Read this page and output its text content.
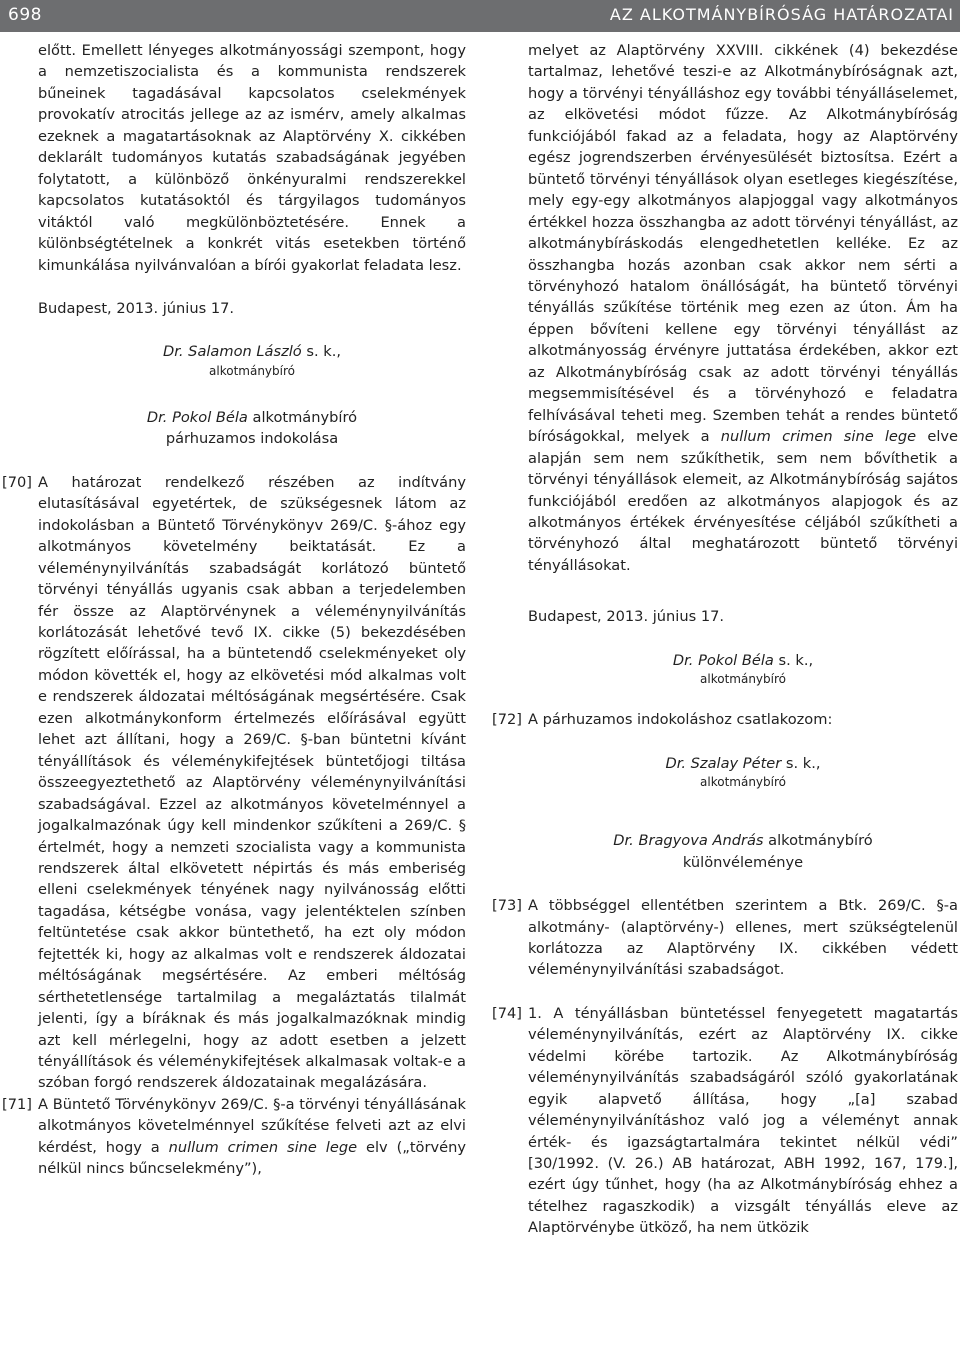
698	AZ ALKOTMÁNYBÍRÓSÁG HATÁROZATAI

előtt. Emellett lényeges alkotmányossági szempont, hogy a nemzetiszocialista és a kommunista rendszerek bűneinek tagadásával kapcsolatos cselekmények provokatív atrocitás jellege az az ismérv, amely alkalmas ezeknek a magatartásoknak az Alaptörvény X. cikkében deklarált tudományos kutatás szabadságának jegyében folytatott, a különböző önkényuralmi rendszerekkel kapcsolatos kutatásoktól és tárgyilagos tudományos vitáktól való megkülönböztetésére. Ennek a különbségtételnek a konkrét vitás esetekben történő kimunkálása nyilvánvalóan a bírói gyakorlat feladata lesz.

Budapest, 2013. június 17.

Dr. Salamon László s. k.,

alkotmánybíró

Dr. Pokol Béla alkotmánybíró

párhuzamos indokolása

[70] A határozat rendelkező részében az indítvány elutasításával egyetértek, de szükségesnek látom az indokolásban a Büntető Törvénykönyv 269/C. §-ához egy alkotmányos követelmény beiktatását. Ez a véleménynyilvánítás szabadságát korlátozó büntető törvényi tényállás ugyanis csak abban a terjedelemben fér össze az Alaptörvénynek a véleménynyilvánítás korlátozását lehetővé tevő IX. cikke (5) bekezdésében rögzített előírással, ha a büntetendő cselekményeket oly módon követték el, hogy az elkövetési mód alkalmas volt e rendszerek áldozatai méltóságának megsértésére. Csak ezen alkotmánykonform értelmezés előírásával együtt lehet azt állítani, hogy a 269/C. §-ban büntetni kívánt tényállítások és véleménykifejtések büntetőjogi tiltása összeegyeztethető az Alaptörvény véleménynyilvánítási szabadságával. Ezzel az alkotmányos követelménnyel a jogalkalmazónak úgy kell mindenkor szűkíteni a 269/C. § értelmét, hogy a nemzeti szocialista vagy a kommunista rendszerek által elkövetett népirtás és más emberiség elleni cselekmények tényének nagy nyilvánosság előtti tagadása, kétségbe vonása, vagy jelentéktelen színben feltüntetése csak akkor büntethető, ha ezt oly módon fejtették ki, hogy az alkalmas volt e rendszerek áldozatai méltóságának megsértésére. Az emberi méltóság sérthetetlensége tartalmilag a megaláztatás tilalmát jelenti, így a bíráknak és más jogalkalmazóknak mindig azt kell mérlegelni, hogy az adott esetben a jelzett tényállítások és véleménykifejtések alkalmasak voltak-e a szóban forgó rendszerek áldozatainak megalázására.

[71] A Büntető Törvénykönyv 269/C. §-a törvényi tényállásának alkotmányos követelménnyel szűkítése felveti azt az elvi kérdést, hogy a nullum crimen sine lege elv („törvény nélkül nincs bűncselekmény”),

melyet az Alaptörvény XXVIII. cikkének (4) bekezdése tartalmaz, lehetővé teszi-e az Alkotmánybíróságnak azt, hogy a törvényi tényálláshoz egy további tényálláselemet, az elkövetési módot fűzze. Az Alkotmánybíróság funkciójából fakad az a feladata, hogy az Alaptörvény egész jogrendszerben érvényesülését biztosítsa. Ezért a büntető törvényi tényállások olyan esetleges kiegészítése, mely egy-egy alkotmányos alapjoggal vagy alkotmányos értékkel hozza összhangba az adott törvényi tényállást, az alkotmánybíráskodás elengedhetetlen kelléke. Ez az összhangba hozás azonban csak akkor nem sérti a törvényhozó hatalom önállóságát, ha büntető törvényi tényállás szűkítése történik meg ezen az úton. Ám ha éppen bővíteni kellene egy törvényi tényállást az alkotmányosság érvényre juttatása érdekében, akkor ezt az Alkotmánybíróság csak az adott törvényi tényállás megsemmisítésével és a törvényhozó e feladatra felhívásával teheti meg. Szemben tehát a rendes büntető bíróságokkal, melyek a nullum crimen sine lege elve alapján sem nem szűkíthetik, sem nem bővíthetik a törvényi tényállások elemeit, az Alkotmánybíróság sajátos funkciójából eredően az alkotmányos alapjogok és az alkotmányos értékek érvényesítése céljából szűkítheti a törvényhozó által meghatározott büntető törvényi tényállásokat.

Budapest, 2013. június 17.

Dr. Pokol Béla s. k.,

alkotmánybíró

[72] A párhuzamos indokoláshoz csatlakozom:

Dr. Szalay Péter s. k.,

alkotmánybíró

Dr. Bragyova András alkotmánybíró

különvéleménye

[73] A többséggel ellentétben szerintem a Btk. 269/C. §-a alkotmány- (alaptörvény-) ellenes, mert szükségtelenül korlátozza az Alaptörvény IX. cikkében védett véleménynyilvánítási szabadságot.

[74] 1. A tényállásban büntetéssel fenyegetett magatartás véleménynyilvánítás, ezért az Alaptörvény IX. cikke védelmi körébe tartozik. Az Alkotmánybíróság véleménynyilvánítás szabadságáról szóló gyakorlatának egyik alapvető állítása, hogy „[a] szabad véleménynyilvánításhoz való jog a véleményt annak érték- és igazságtartalmára tekintet nélkül védi” [30/1992. (V. 26.) AB határozat, ABH 1992, 167, 179.], ezért úgy tűnhet, hogy (ha az Alkotmánybíróság ehhez a tételhez ragaszkodik) a vizsgált tényállás eleve az Alaptörvénybe ütköző, ha nem ütközik
